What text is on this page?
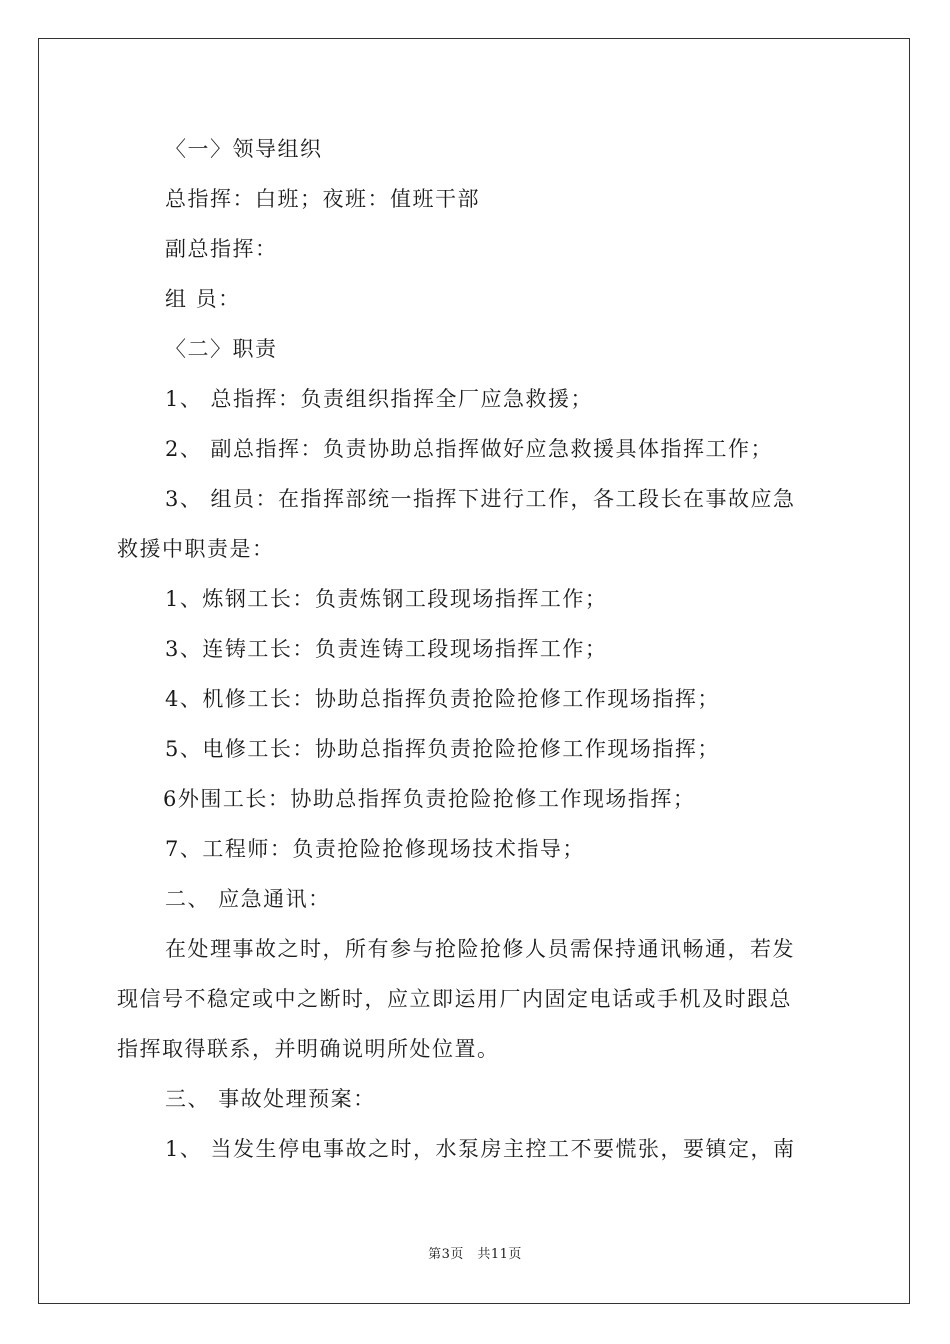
〈一〉领导组织
总指挥：白班；夜班：值班干部
副总指挥：
组 员：
〈二〉职责
1、 总指挥：负责组织指挥全厂应急救援；
2、 副总指挥：负责协助总指挥做好应急救援具体指挥工作；
3、 组员：在指挥部统一指挥下进行工作，各工段长在事故应急
救援中职责是：
1、炼钢工长：负责炼钢工段现场指挥工作；
3、连铸工长：负责连铸工段现场指挥工作；
4、机修工长：协助总指挥负责抢险抢修工作现场指挥；
5、电修工长：协助总指挥负责抢险抢修工作现场指挥；
6外围工长：协助总指挥负责抢险抢修工作现场指挥；
7、工程师：负责抢险抢修现场技术指导；
二、 应急通讯：
在处理事故之时，所有参与抢险抢修人员需保持通讯畅通，若发
现信号不稳定或中之断时，应立即运用厂内固定电话或手机及时跟总
指挥取得联系，并明确说明所处位置。
三、 事故处理预案：
1、 当发生停电事故之时，水泵房主控工不要慌张，要镇定，南
第3页　共11页
